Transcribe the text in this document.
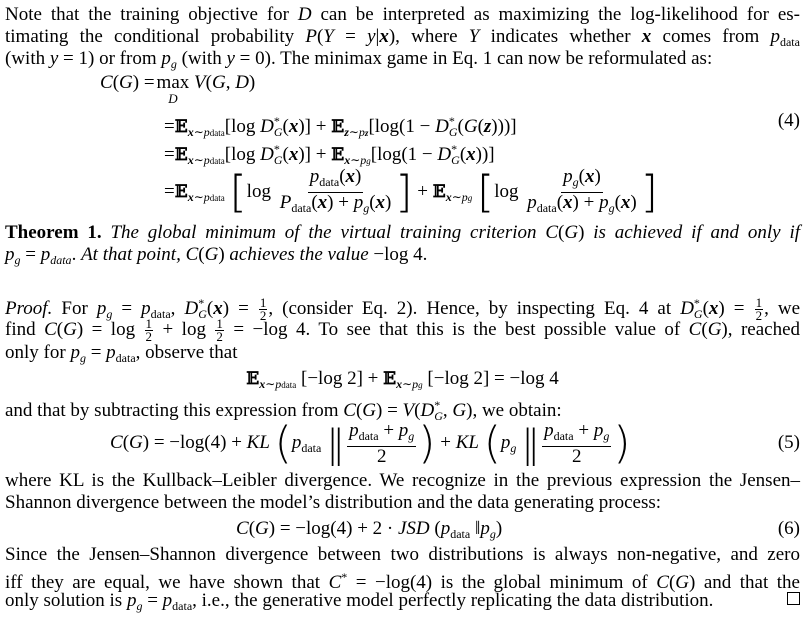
Note that the training objective for D can be interpreted as maximizing the log-likelihood for es-
timating the conditional probability P(Y = y|x), where Y indicates whether x comes from $p_{data}$
(with y = 1) or from $p_g$ (with y = 0). The minimax game in Eq. 1 can now be reformulated as:
C(G) = max
D
V(G, D)
=𝔼$_{x\sim pdata}$[log $D^*_G(x)$] + 𝔼$_{z\sim pz}$[log(1 − $D^*_G(G(z))$)]	(4)
=𝔼$_{x\sim pdata}$[log $D^*_G(x)$] + 𝔼$_{x\sim pg}$[log(1 − $D^*_G(x)$)]
=𝔼$_{x\sim pdata}$ [$\log \frac{p_{data}(x)}{P_{data}(x) + p_g(x)}$ ] + 𝔼$_{x\sim pg}$ [$\log \frac{p_g(x)}{p_{data}(x) + p_g(x)}$ ]
Theorem 1. The global minimum of the virtual training criterion C(G) is achieved if and only if
$p_g = p_{data}$. At that point, C(G) achieves the value −log 4.
Proof. For $p_g = p_{data}$, $D^*_G(x) = \frac{1}{2}$ , (consider Eq. 2). Hence, by inspecting Eq. 4 at $D^*_G(x) = \frac{1}{2}$ , we
find $C(G) = \log \frac{1}{2} + \log \frac{1}{2} = -\log$ 4. To see that this is the best possible value of C(G), reached
only for $p_g = p_{data}$, observe that
𝔼$_{x\sim pdata}$ [−log 2] + 𝔼$_{x\sim pg}$ [−log 2] = −log 4
and that by subtracting this expression from $C(G) = V(D^*_G$, G), we obtain:
C(G) = −log(4) + KL ($p_{data}$ ‖ $\frac{p_{data} + p_g}{2}$ ) + KL ($p_g$ ‖ $\frac{p_{data} + p_g}{2}$ )	(5)
where KL is the Kullback–Leibler divergence. We recognize in the previous expression the Jensen–
Shannon divergence between the model’s distribution and the data generating process:
C(G) = −log(4) + 2 · JSD ($p_{data}$ $‖p_g$)	(6)
Since the Jensen–Shannon divergence between two distributions is always non-negative, and zero
iff they are equal, we have shown that C* = −log(4) is the global minimum of C(G) and that the
only solution is $p_g = p_{data}$, i.e., the generative model perfectly replicating the data distribution.
